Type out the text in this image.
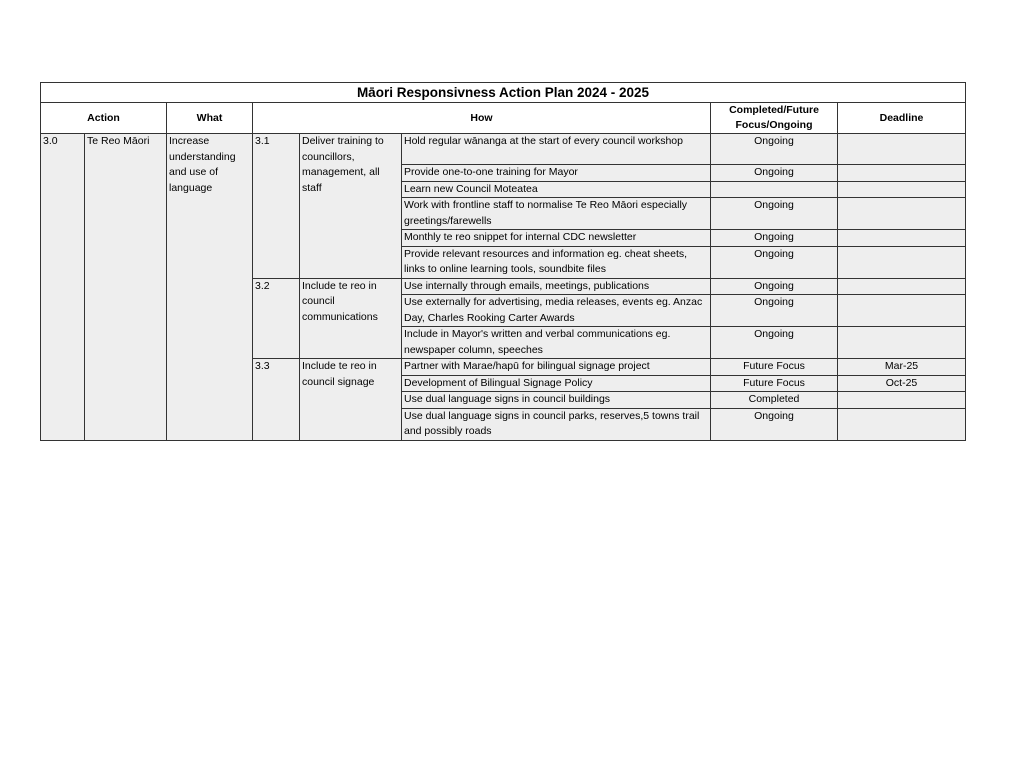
Māori Responsivness Action Plan 2024 - 2025							
Action		What	How			Completed/Future Focus/Ongoing	Deadline
3.0	Te Reo Māori	Increase understanding and use of language	3.1	Deliver training to councillors, management, all staff	Hold regular wānanga at the start of every council workshop	Ongoing	
					Provide one-to-one training for Mayor	Ongoing	
					Learn new Council Moteatea		
					Work with frontline staff to normalise Te Reo Māori especially greetings/farewells	Ongoing	
					Monthly te reo snippet for internal CDC newsletter	Ongoing	
					Provide relevant resources and information eg. cheat sheets, links to online learning tools, soundbite files	Ongoing	
			3.2	Include te reo in council communications	Use internally through emails, meetings, publications	Ongoing	
					Use externally for advertising, media releases, events eg. Anzac Day, Charles Rooking Carter Awards	Ongoing	
					Include in Mayor's written and verbal communications eg. newspaper column, speeches	Ongoing	
			3.3	Include te reo in council signage	Partner with Marae/hapū for bilingual signage project	Future Focus	Mar-25
					Development of Bilingual Signage Policy	Future Focus	Oct-25
					Use dual language signs in council buildings	Completed	
					Use dual language signs in council parks, reserves,5 towns trail and possibly roads	Ongoing	
